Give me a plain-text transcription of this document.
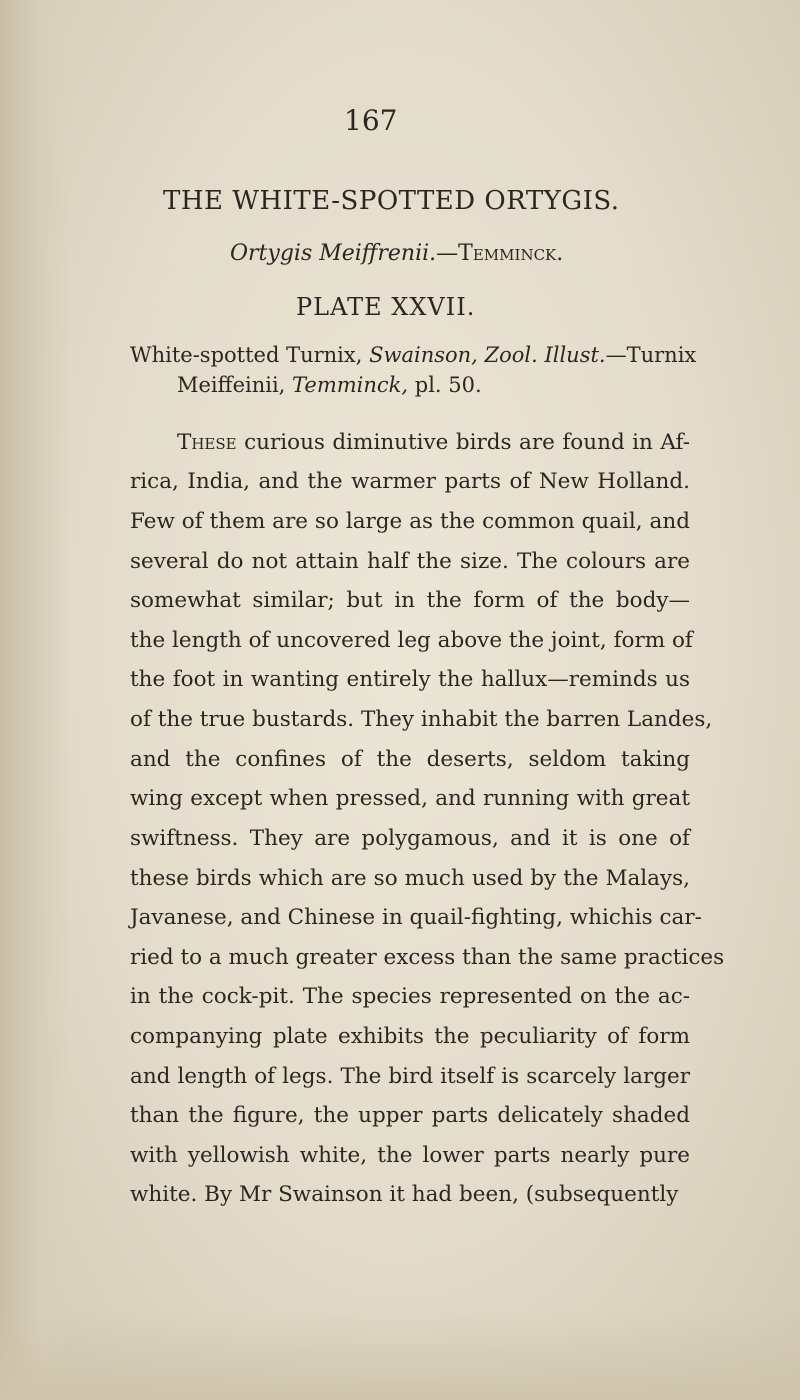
167
THE WHITE-SPOTTED ORTYGIS.
Ortygis Meiffrenii.—Temminck.
PLATE XXVII.
White-spotted Turnix, Swainson, Zool. Illust.—Turnix
Meiffeinii, Temminck, pl. 50.
These curious diminutive birds are found in Af-
rica, India, and the warmer parts of New Holland.
Few of them are so large as the common quail, and
several do not attain half the size. The colours are
somewhat similar; but in the form of the body—
the length of uncovered leg above the joint, form of
the foot in wanting entirely the hallux—reminds us
of the true bustards. They inhabit the barren Landes,
and the confines of the deserts, seldom taking
wing except when pressed, and running with great
swiftness. They are polygamous, and it is one of
these birds which are so much used by the Malays,
Javanese, and Chinese in quail-fighting, whichis car-
ried to a much greater excess than the same practices
in the cock-pit. The species represented on the ac-
companying plate exhibits the peculiarity of form
and length of legs. The bird itself is scarcely larger
than the figure, the upper parts delicately shaded
with yellowish white, the lower parts nearly pure
white. By Mr Swainson it had been, (subsequently
